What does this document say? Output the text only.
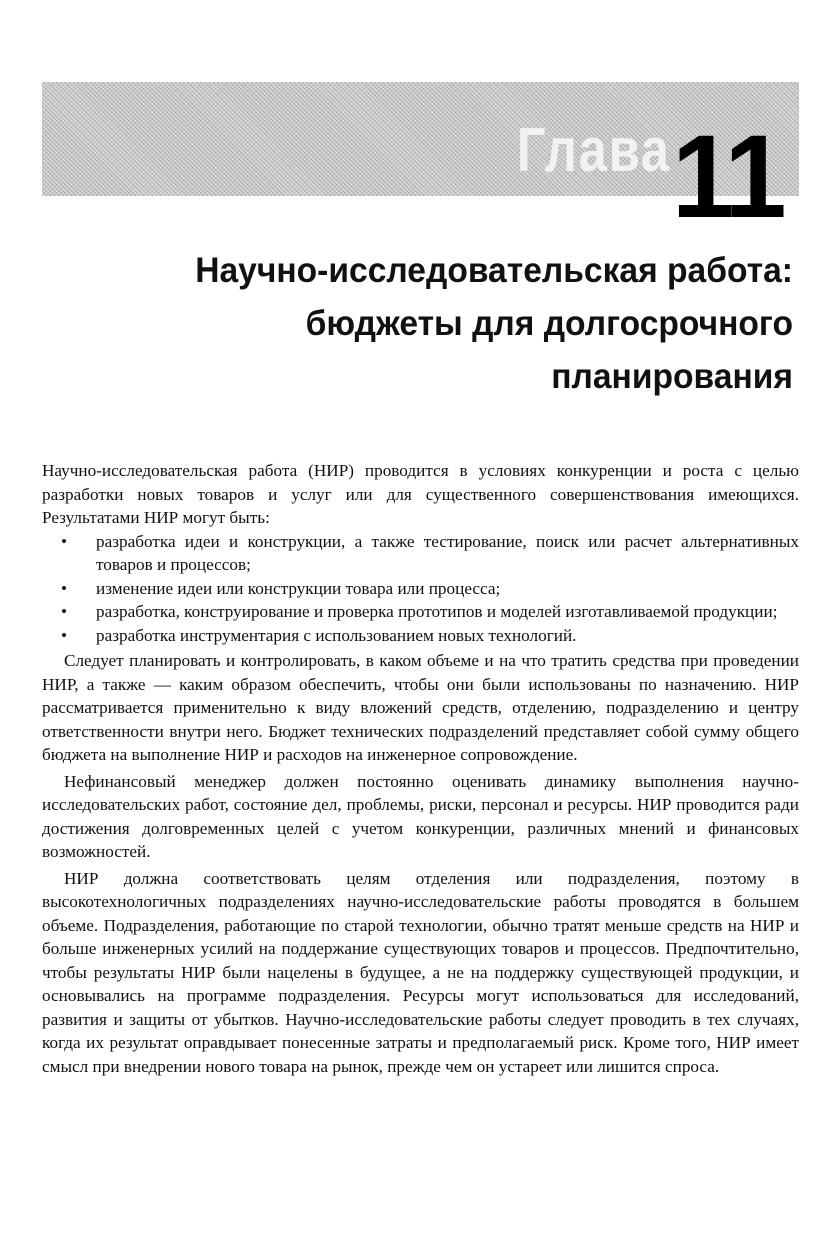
Глава 11
Научно-исследовательская работа:
бюджеты для долгосрочного
планирования

Научно-исследовательская работа (НИР) проводится в условиях конкуренции и роста с целью разработки новых товаров и услуг или для существенного совершенствования имеющихся. Результатами НИР могут быть:

• разработка идеи и конструкции, а также тестирование, поиск или расчет альтернативных товаров и процессов;
• изменение идеи или конструкции товара или процесса;
• разработка, конструирование и проверка прототипов и моделей изготавливаемой продукции;
• разработка инструментария с использованием новых технологий.

Следует планировать и контролировать, в каком объеме и на что тратить средства при проведении НИР, а также — каким образом обеспечить, чтобы они были использованы по назначению. НИР рассматривается применительно к виду вложений средств, отделению, подразделению и центру ответственности внутри него. Бюджет технических подразделений представляет собой сумму общего бюджета на выполнение НИР и расходов на инженерное сопровождение.

Нефинансовый менеджер должен постоянно оценивать динамику выполнения научно-исследовательских работ, состояние дел, проблемы, риски, персонал и ресурсы. НИР проводится ради достижения долговременных целей с учетом конкуренции, различных мнений и финансовых возможностей.

НИР должна соответствовать целям отделения или подразделения, поэтому в высокотехнологичных подразделениях научно-исследовательские работы проводятся в большем объеме. Подразделения, работающие по старой технологии, обычно тратят меньше средств на НИР и больше инженерных усилий на поддержание существующих товаров и процессов. Предпочтительно, чтобы результаты НИР были нацелены в будущее, а не на поддержку существующей продукции, и основывались на программе подразделения. Ресурсы могут использоваться для исследований, развития и защиты от убытков. Научно-исследовательские работы следует проводить в тех случаях, когда их результат оправдывает понесенные затраты и предполагаемый риск. Кроме того, НИР имеет смысл при внедрении нового товара на рынок, прежде чем он устареет или лишится спроса.
